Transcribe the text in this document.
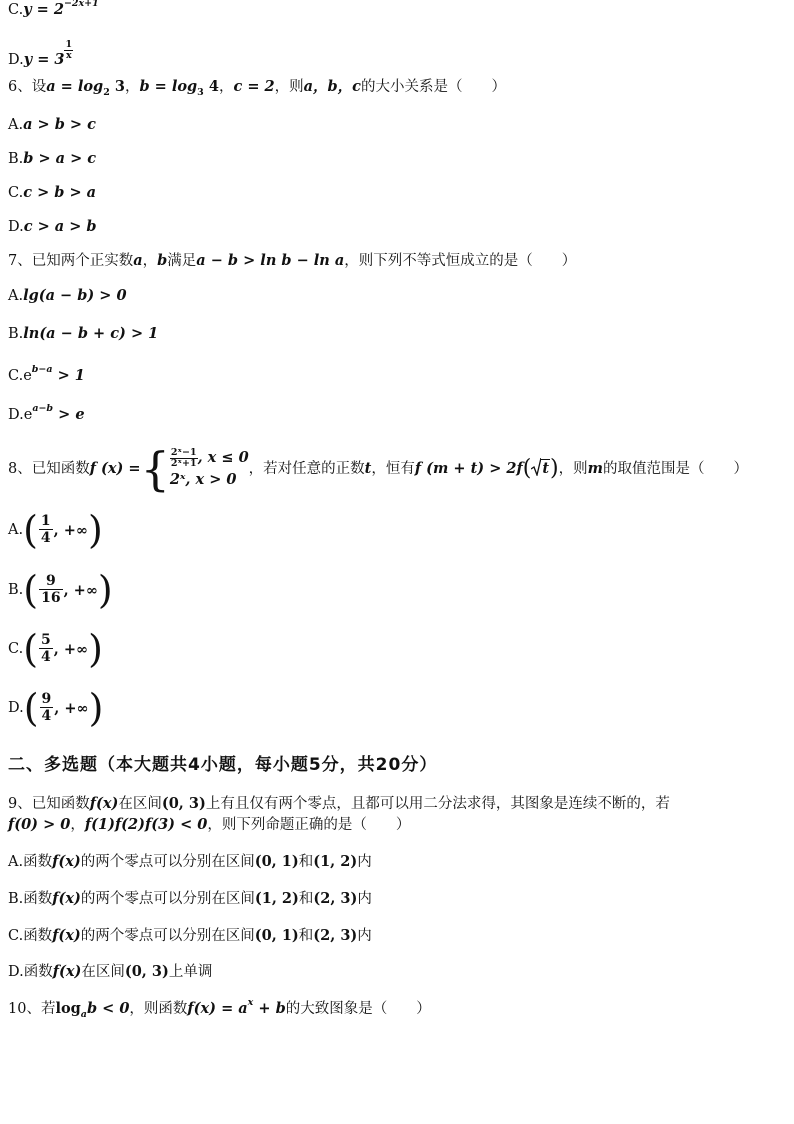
$C.y = 2^{-2x+1}$
$D.y = 3 \frac{1}{x}$
6、设$a = \log_2 3$，$b = \log_3 4$，c = 2，则a，b，c的大小关系是（　　）
A.a > b > c
B.b > a > c
C.c > b > a
D.c > a > b
7、已知两个正实数a，b满足a − b > ln b − ln a，则下列不等式恒成立的是（　　）
A.lg(a − b) > 0
B.ln(a − b + c) > 1
$C.e^{b-a} > 1$
$D.e^{a-b} > e$
8、已知函数 f (x) = { $\frac{\text{2ˣ−1}}{\text{2ˣ+1}}$ , x ≤ 0
2ˣ, x > 0
，若对任意的正数 t ，恒有 f (m + t) > 2f ( t ) ，则 m 的取值范围是（　　）
A. ( $\frac{1}{4}$ , +∞ )
B. ( $\frac{9}{16}$ , +∞ )
C. ( $\frac{5}{4}$ , +∞ )
D. ( $\frac{9}{4}$ , +∞ )
二、多选题（本大题共4小题，每小题5分，共20分）
9、已知函数f(x)在区间(0, 3)上有且仅有两个零点，且都可以用二分法求得，其图象是连续不断的，若
f(0) > 0，f(1)f(2)f(3) < 0，则下列命题正确的是（　　）
A.函数f(x)的两个零点可以分别在区间(0, 1)和(1, 2)内
B.函数f(x)的两个零点可以分别在区间(1, 2)和(2, 3)内
C.函数f(x)的两个零点可以分别在区间(0, 1)和(2, 3)内
D.函数f(x)在区间(0, 3)上单调
10、若$\log_ab < 0$，则函数$f(x) = a^x + b$的大致图象是（　　）
